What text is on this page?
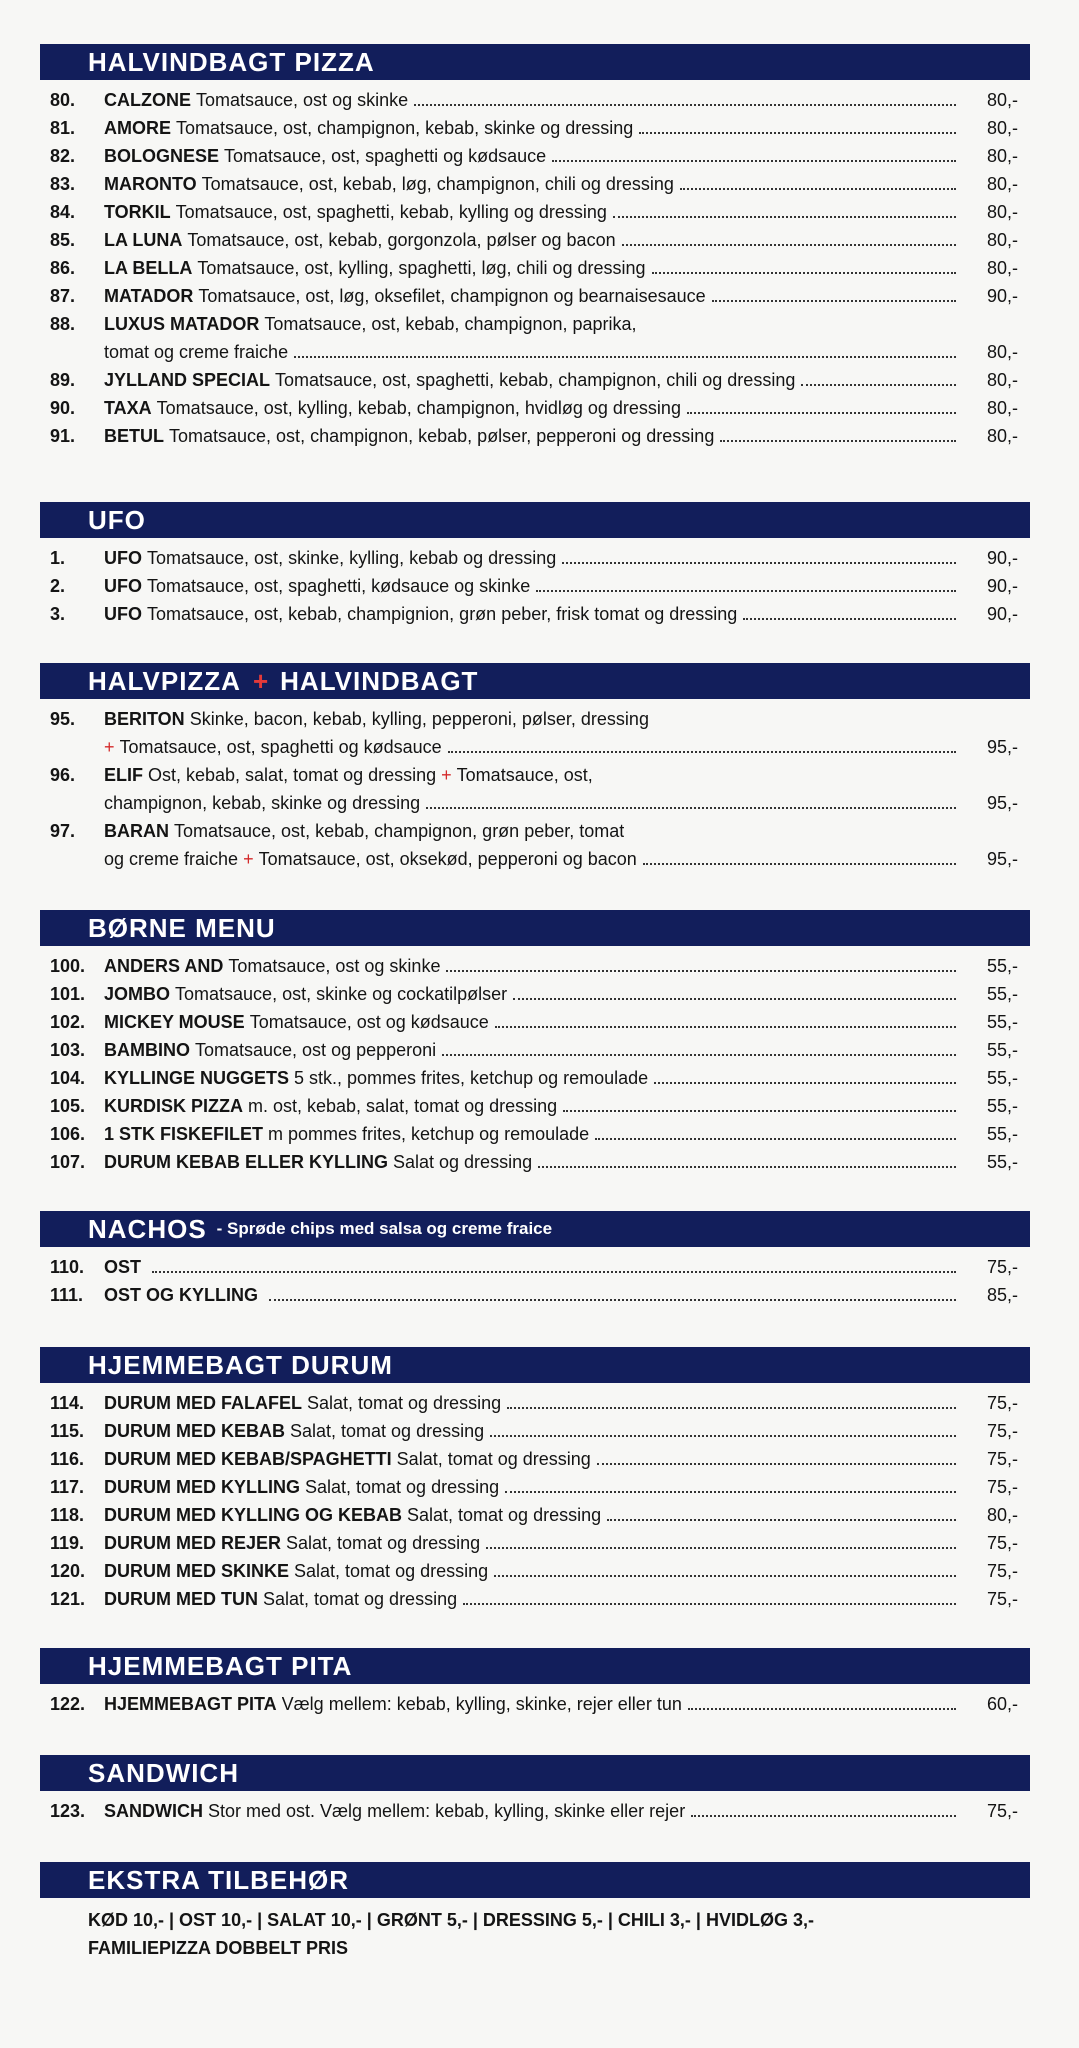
HALVINDBAGT PIZZA
80. CALZONE Tomatsauce, ost og skinke	80,-
81. AMORE Tomatsauce, ost, champignon, kebab, skinke og dressing	80,-
82. BOLOGNESE Tomatsauce, ost, spaghetti og kødsauce	80,-
83. MARONTO Tomatsauce, ost, kebab, løg, champignon, chili og dressing	80,-
84. TORKIL Tomatsauce, ost, spaghetti, kebab, kylling og dressing	80,-
85. LA LUNA Tomatsauce, ost, kebab, gorgonzola, pølser og bacon	80,-
86. LA BELLA Tomatsauce, ost, kylling, spaghetti, løg, chili og dressing	80,-
87. MATADOR Tomatsauce, ost, løg, oksefilet, champignon og bearnaisesauce	90,-
88. LUXUS MATADOR Tomatsauce, ost, kebab, champignon, paprika,
tomat og creme fraiche	80,-
89. JYLLAND SPECIAL Tomatsauce, ost, spaghetti, kebab, champignon, chili og dressing	80,-
90. TAXA Tomatsauce, ost, kylling, kebab, champignon, hvidløg og dressing	80,-
91. BETUL Tomatsauce, ost, champignon, kebab, pølser, pepperoni og dressing	80,-
UFO
1. UFO Tomatsauce, ost, skinke, kylling, kebab og dressing	90,-
2. UFO Tomatsauce, ost, spaghetti, kødsauce og skinke	90,-
3. UFO Tomatsauce, ost, kebab, champignion, grøn peber, frisk tomat og dressing	90,-
HALVPIZZA + HALVINDBAGT
95. BERITON Skinke, bacon, kebab, kylling, pepperoni, pølser, dressing
+ Tomatsauce, ost, spaghetti og kødsauce	95,-
96. ELIF Ost, kebab, salat, tomat og dressing + Tomatsauce, ost,
champignon, kebab, skinke og dressing	95,-
97. BARAN Tomatsauce, ost, kebab, champignon, grøn peber, tomat
og creme fraiche + Tomatsauce, ost, oksekød, pepperoni og bacon	95,-
BØRNE MENU
100. ANDERS AND Tomatsauce, ost og skinke	55,-
101. JOMBO Tomatsauce, ost, skinke og cockatilpølser	55,-
102. MICKEY MOUSE Tomatsauce, ost og kødsauce	55,-
103. BAMBINO Tomatsauce, ost og pepperoni	55,-
104. KYLLINGE NUGGETS 5 stk., pommes frites, ketchup og remoulade	55,-
105. KURDISK PIZZA m. ost, kebab, salat, tomat og dressing	55,-
106. 1 STK FISKEFILET m pommes frites, ketchup og remoulade	55,-
107. DURUM KEBAB ELLER KYLLING Salat og dressing	55,-
NACHOS - Sprøde chips med salsa og creme fraice
110. OST	75,-
111. OST OG KYLLING	85,-
HJEMMEBAGT DURUM
114. DURUM MED FALAFEL Salat, tomat og dressing	75,-
115. DURUM MED KEBAB Salat, tomat og dressing	75,-
116. DURUM MED KEBAB/SPAGHETTI Salat, tomat og dressing	75,-
117. DURUM MED KYLLING Salat, tomat og dressing	75,-
118. DURUM MED KYLLING OG KEBAB Salat, tomat og dressing	80,-
119. DURUM MED REJER Salat, tomat og dressing	75,-
120. DURUM MED SKINKE Salat, tomat og dressing	75,-
121. DURUM MED TUN Salat, tomat og dressing	75,-
HJEMMEBAGT PITA
122. HJEMMEBAGT PITA Vælg mellem: kebab, kylling, skinke, rejer eller tun	60,-
SANDWICH
123. SANDWICH Stor med ost. Vælg mellem: kebab, kylling, skinke eller rejer	75,-
EKSTRA TILBEHØR
KØD 10,- | OST 10,- | SALAT 10,- | GRØNT 5,- | DRESSING 5,- | CHILI 3,- | HVIDLØG 3,-
FAMILIEPIZZA DOBBELT PRIS
